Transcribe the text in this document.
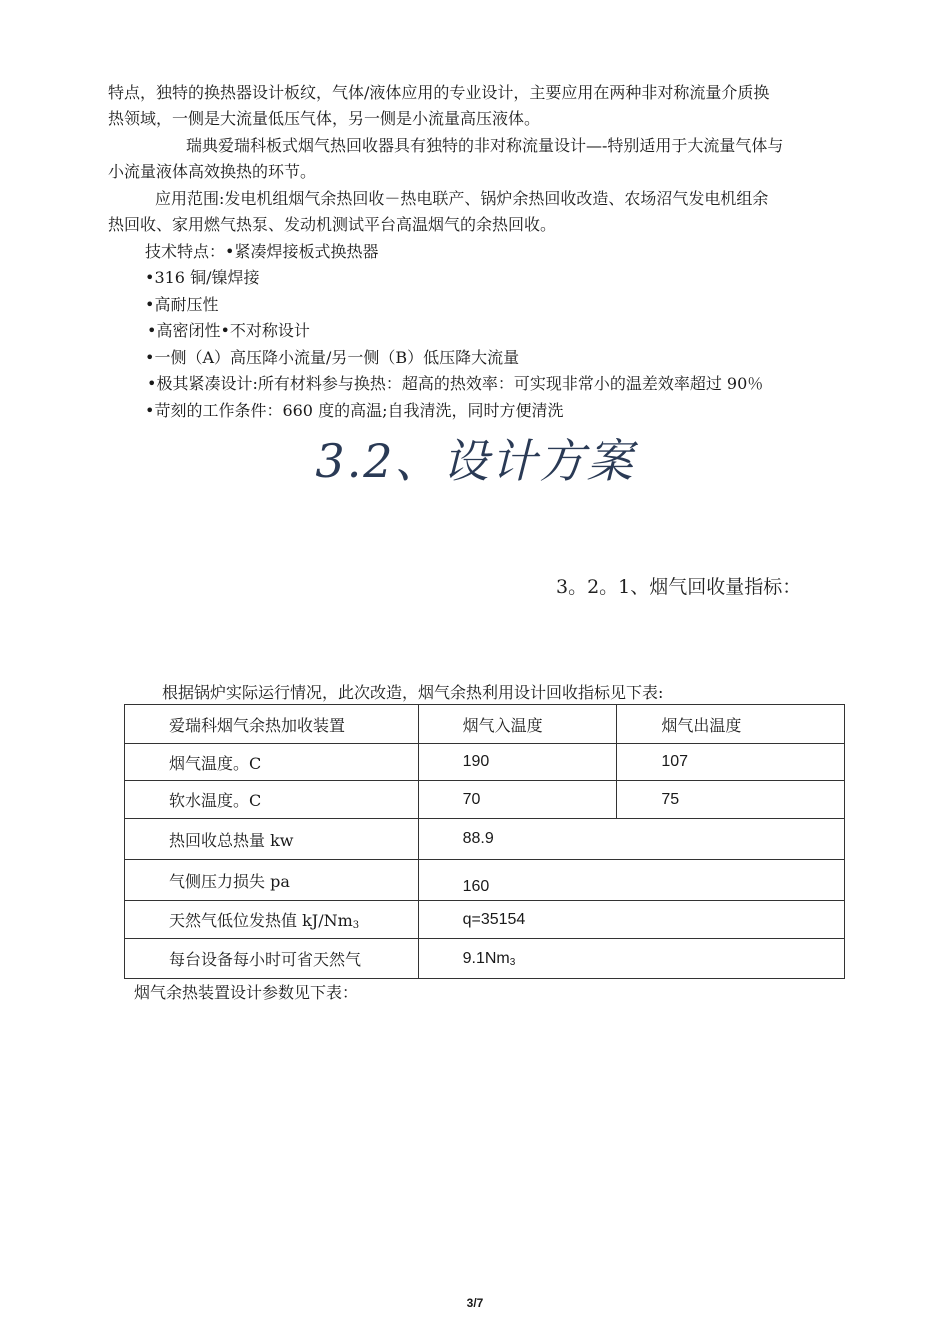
特点，独特的换热器设计板纹，气体/液体应用的专业设计，主要应用在两种非对称流量介质换
热领域，一侧是大流量低压气体，另一侧是小流量高压液体。
瑞典爱瑞科板式烟气热回收器具有独特的非对称流量设计—-特别适用于大流量气体与
小流量液体高效换热的环节。
应用范围:发电机组烟气余热回收－热电联产、锅炉余热回收改造、农场沼气发电机组余
热回收、家用燃气热泵、发动机测试平台高温烟气的余热回收。
技术特点：•紧凑焊接板式换热器
•316 铜/镍焊接
•高耐压性
•高密闭性•不对称设计
•一侧（A）高压降小流量/另一侧（B）低压降大流量
•极其紧凑设计:所有材料参与换热：超高的热效率：可实现非常小的温差效率超过 90％
•苛刻的工作条件：660 度的高温;自我清洗，同时方便清洗
3.2、设计方案
3。2。1、烟气回收量指标：
根据锅炉实际运行情况，此次改造，烟气余热利用设计回收指标见下表:
爱瑞科烟气余热加收装置	烟气入温度	烟气出温度
烟气温度。C	190	107
软水温度。C	70	75
热回收总热量 kw	88.9	
气侧压力损失 pa	160	
天然气低位发热值 $kJ/Nm_3$	q=35154	
每台设备每小时可省天然气	$9.1Nm_3$
烟气余热装置设计参数见下表：
3/7
